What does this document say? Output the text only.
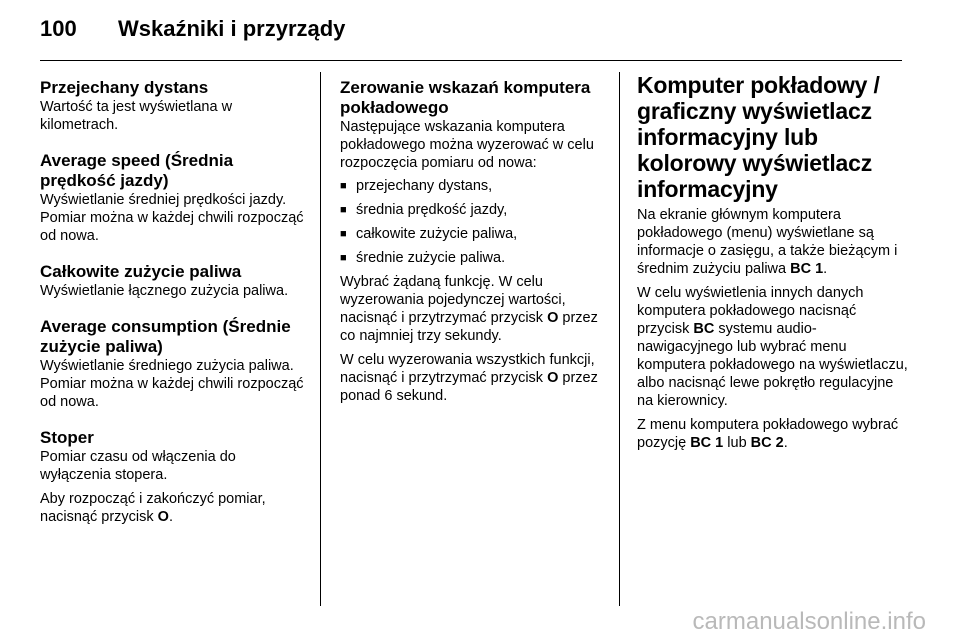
100 Wskaźniki i przyrządy
Przejechany dystans

Wartość ta jest wyświetlana w kilometrach.

Average speed (Średnia prędkość jazdy)

Wyświetlanie średniej prędkości jazdy. Pomiar można w każdej chwili rozpocząć od nowa.

Całkowite zużycie paliwa

Wyświetlanie łącznego zużycia paliwa.

Average consumption (Średnie zużycie paliwa)

Wyświetlanie średniego zużycia paliwa. Pomiar można w każdej chwili rozpocząć od nowa.

Stoper

Pomiar czasu od włączenia do wyłączenia stopera.

Aby rozpocząć i zakończyć pomiar, nacisnąć przycisk O.

Zerowanie wskazań komputera pokładowego

Następujące wskazania komputera pokładowego można wyzerować w celu rozpoczęcia pomiaru od nowa:

■ przejechany dystans,
■ średnia prędkość jazdy,
■ całkowite zużycie paliwa,
■ średnie zużycie paliwa.

Wybrać żądaną funkcję. W celu wyzerowania pojedynczej wartości, nacisnąć i przytrzymać przycisk O przez co najmniej trzy sekundy.

W celu wyzerowania wszystkich funkcji, nacisnąć i przytrzymać przycisk O przez ponad 6 sekund.

Komputer pokładowy / graficzny wyświetlacz informacyjny lub kolorowy wyświetlacz informacyjny

Na ekranie głównym komputera pokładowego (menu) wyświetlane są informacje o zasięgu, a także bieżącym i średnim zużyciu paliwa BC 1.

W celu wyświetlenia innych danych komputera pokładowego nacisnąć przycisk BC systemu audio-nawigacyjnego lub wybrać menu komputera pokładowego na wyświetlaczu, albo nacisnąć lewe pokrętło regulacyjne na kierownicy.

Z menu komputera pokładowego wybrać pozycję BC 1 lub BC 2.

carmanualsonline.info
